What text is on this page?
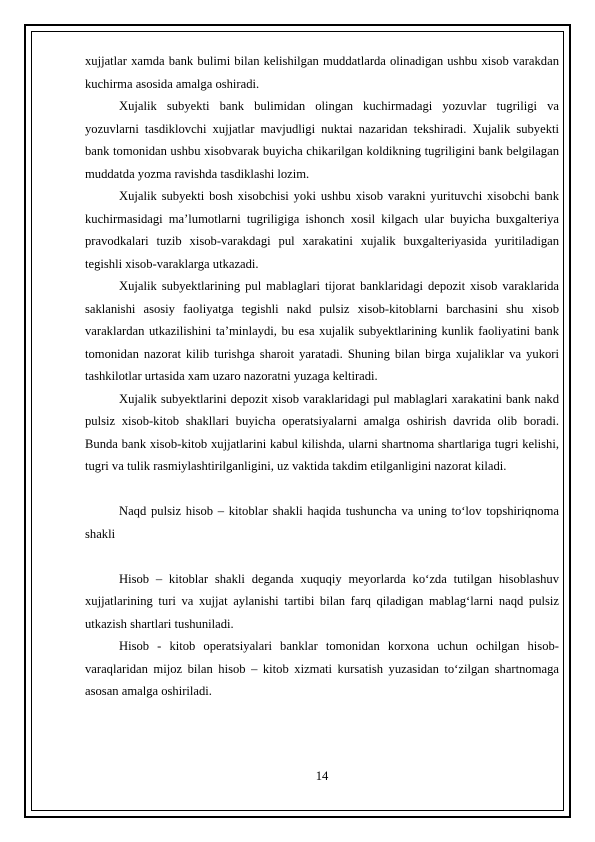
xujjatlar xamda bank bulimi bilan kelishilgan muddatlarda olinadigan ushbu xisob varakdan kuchirma asosida amalga oshiradi.

Xujalik subyekti bank bulimidan olingan kuchirmadagi yozuvlar tugriligi va yozuvlarni tasdiklovchi xujjatlar mavjudligi nuktai nazaridan tekshiradi. Xujalik subyekti bank tomonidan ushbu xisobvarak buyicha chikarilgan koldikning tugriligini bank belgilagan muddatda yozma ravishda tasdiklashi lozim.

Xujalik subyekti bosh xisobchisi yoki ushbu xisob varakni yurituvchi xisobchi bank kuchirmasidagi ma’lumotlarni tugriligiga ishonch xosil kilgach ular buyicha buxgalteriya pravodkalari tuzib xisob-varakdagi pul xarakatini xujalik buxgalteriyasida yuritiladigan tegishli xisob-varaklarga utkazadi.

Xujalik subyektlarining pul mablaglari tijorat banklaridagi depozit xisob varaklarida saklanishi asosiy faoliyatga tegishli nakd pulsiz xisob-kitoblarni barchasini shu xisob varaklardan utkazilishini ta’minlaydi, bu esa xujalik subyektlarining kunlik faoliyatini bank tomonidan nazorat kilib turishga sharoit yaratadi. Shuning bilan birga xujaliklar va yukori tashkilotlar urtasida xam uzaro nazoratni yuzaga keltiradi.

Xujalik subyektlarini depozit xisob varaklaridagi pul mablaglari xarakatini bank nakd pulsiz xisob-kitob shakllari buyicha operatsiyalarni amalga oshirish davrida olib boradi. Bunda bank xisob-kitob xujjatlarini kabul kilishda, ularni shartnoma shartlariga tugri kelishi, tugri va tulik rasmiylashtirilganligini, uz vaktida takdim etilganligini nazorat kiladi.

Naqd pulsiz hisob – kitoblar shakli haqida tushuncha va uning to‘lov topshiriqnoma shakli

Hisob – kitoblar shakli deganda xuquqiy meyorlarda ko‘zda tutilgan hisoblashuv xujjatlarining turi va xujjat aylanishi tartibi bilan farq qiladigan mablag‘larni naqd pulsiz utkazish shartlari tushuniladi.

Hisob - kitob operatsiyalari banklar tomonidan korxona uchun ochilgan hisob-varaqlaridan mijoz bilan hisob – kitob xizmati kursatish yuzasidan to‘zilgan shartnomaga asosan amalga oshiriladi.

14
